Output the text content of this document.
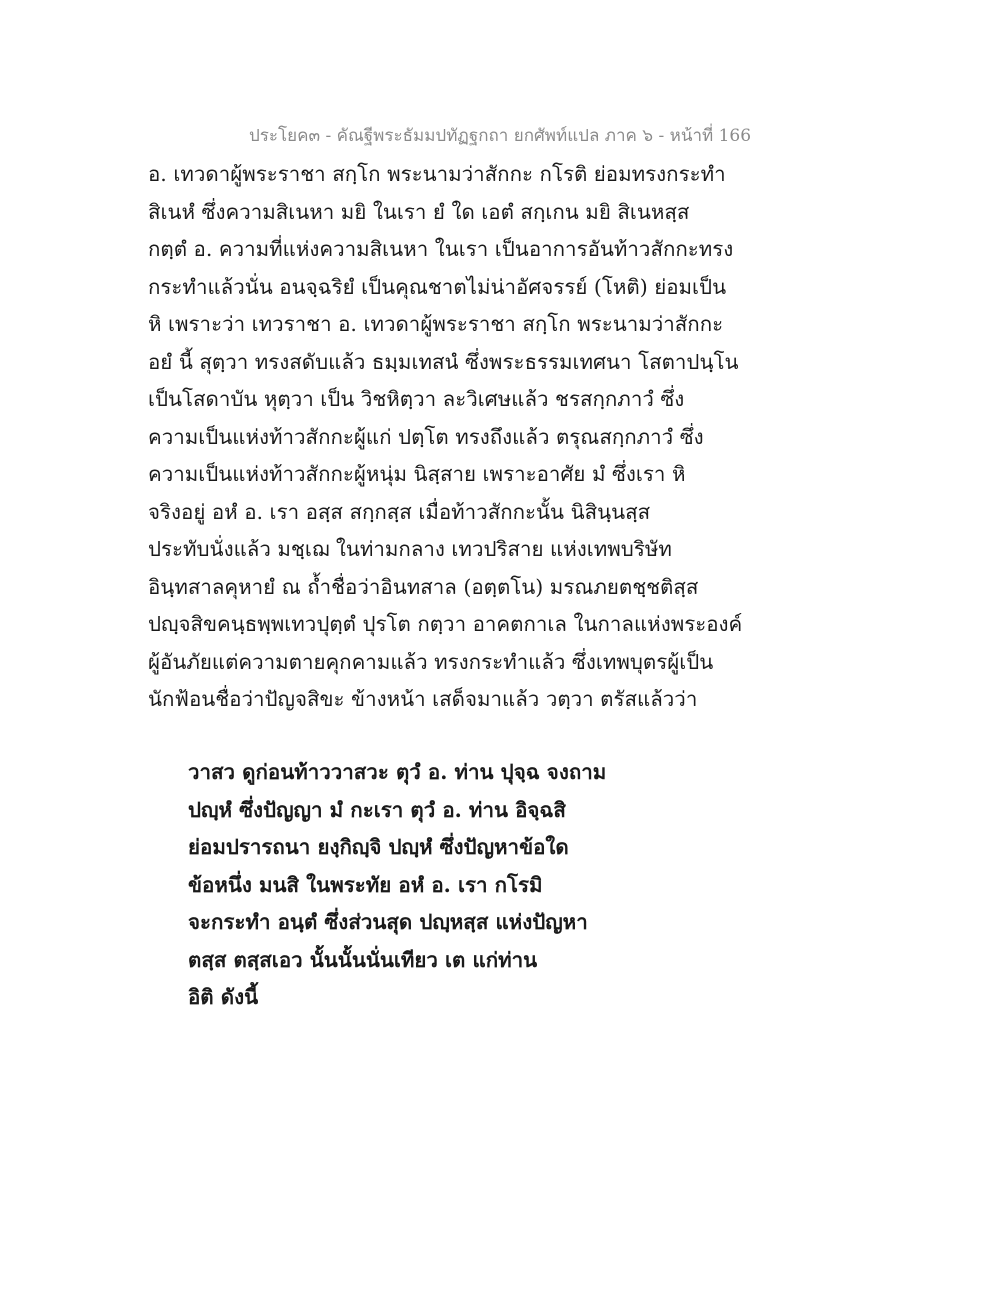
ประโยค๓ - คัณฐีพระธัมมปทัฏฐกถา ยกศัพท์แปล ภาค ๖ - หน้าที่ 166
อ. เทวดาผู้พระราชา สกฺโก พระนามว่าสักกะ กโรติ ย่อมทรงกระทำ
สิเนหํ ซึ่งความสิเนหา มยิ ในเรา ยํ ใด เอตํ สกฺเกน มยิ สิเนหสฺส
กตฺตํ อ. ความที่แห่งความสิเนหา ในเรา เป็นอาการอันท้าวสักกะทรง
กระทำแล้วนั่น อนจฺฉริยํ เป็นคุณชาตไม่น่าอัศจรรย์ (โหติ) ย่อมเป็น
หิ เพราะว่า เทวราชา อ. เทวดาผู้พระราชา สกฺโก พระนามว่าสักกะ
อยํ นี้ สุตฺวา ทรงสดับแล้ว ธมฺมเทสนํ ซึ่งพระธรรมเทศนา โสตาปนฺโน
เป็นโสดาบัน หุตฺวา เป็น วิชหิตฺวา ละวิเศษแล้ว ชรสกฺกภาวํ ซึ่ง
ความเป็นแห่งท้าวสักกะผู้แก่ ปตฺโต ทรงถึงแล้ว ตรุณสกฺกภาวํ ซึ่ง
ความเป็นแห่งท้าวสักกะผู้หนุ่ม นิสฺสาย เพราะอาศัย มํ ซึ่งเรา หิ
จริงอยู่ อหํ อ. เรา อสฺส สกฺกสฺส เมื่อท้าวสักกะนั้น นิสินฺนสฺส
ประทับนั่งแล้ว มชฺเฌ ในท่ามกลาง เทวปริสาย แห่งเทพบริษัท
อินฺทสาลคุหายํ ณ ถ้ำชื่อว่าอินทสาล (อตฺตโน) มรณภยตชฺชติสฺส
ปญฺจสิขคนฺธพฺพเทวปุตฺตํ ปุรโต กตฺวา อาคตกาเล ในกาลแห่งพระองค์
ผู้อันภัยแต่ความตายคุกคามแล้ว ทรงกระทำแล้ว ซึ่งเทพบุตรผู้เป็น
นักฟ้อนชื่อว่าปัญจสิขะ ข้างหน้า เสด็จมาแล้ว วตฺวา ตรัสแล้วว่า
วาสว ดูก่อนท้าววาสวะ ตุวํ อ. ท่าน ปุจฺฉ จงถาม
ปญฺหํ ซึ่งปัญญา มํ กะเรา ตุวํ อ. ท่าน อิจฺฉสิ
ย่อมปรารถนา ยงฺกิญฺจิ ปญฺหํ ซึ่งปัญหาข้อใด
ข้อหนึ่ง มนสิ ในพระทัย อหํ อ. เรา กโรมิ
จะกระทำ อนฺตํ ซึ่งส่วนสุด ปญฺหสฺส แห่งปัญหา
ตสฺส ตสฺสเอว นั้นนั้นนั่นเทียว เต แก่ท่าน
อิติ ดังนี้
